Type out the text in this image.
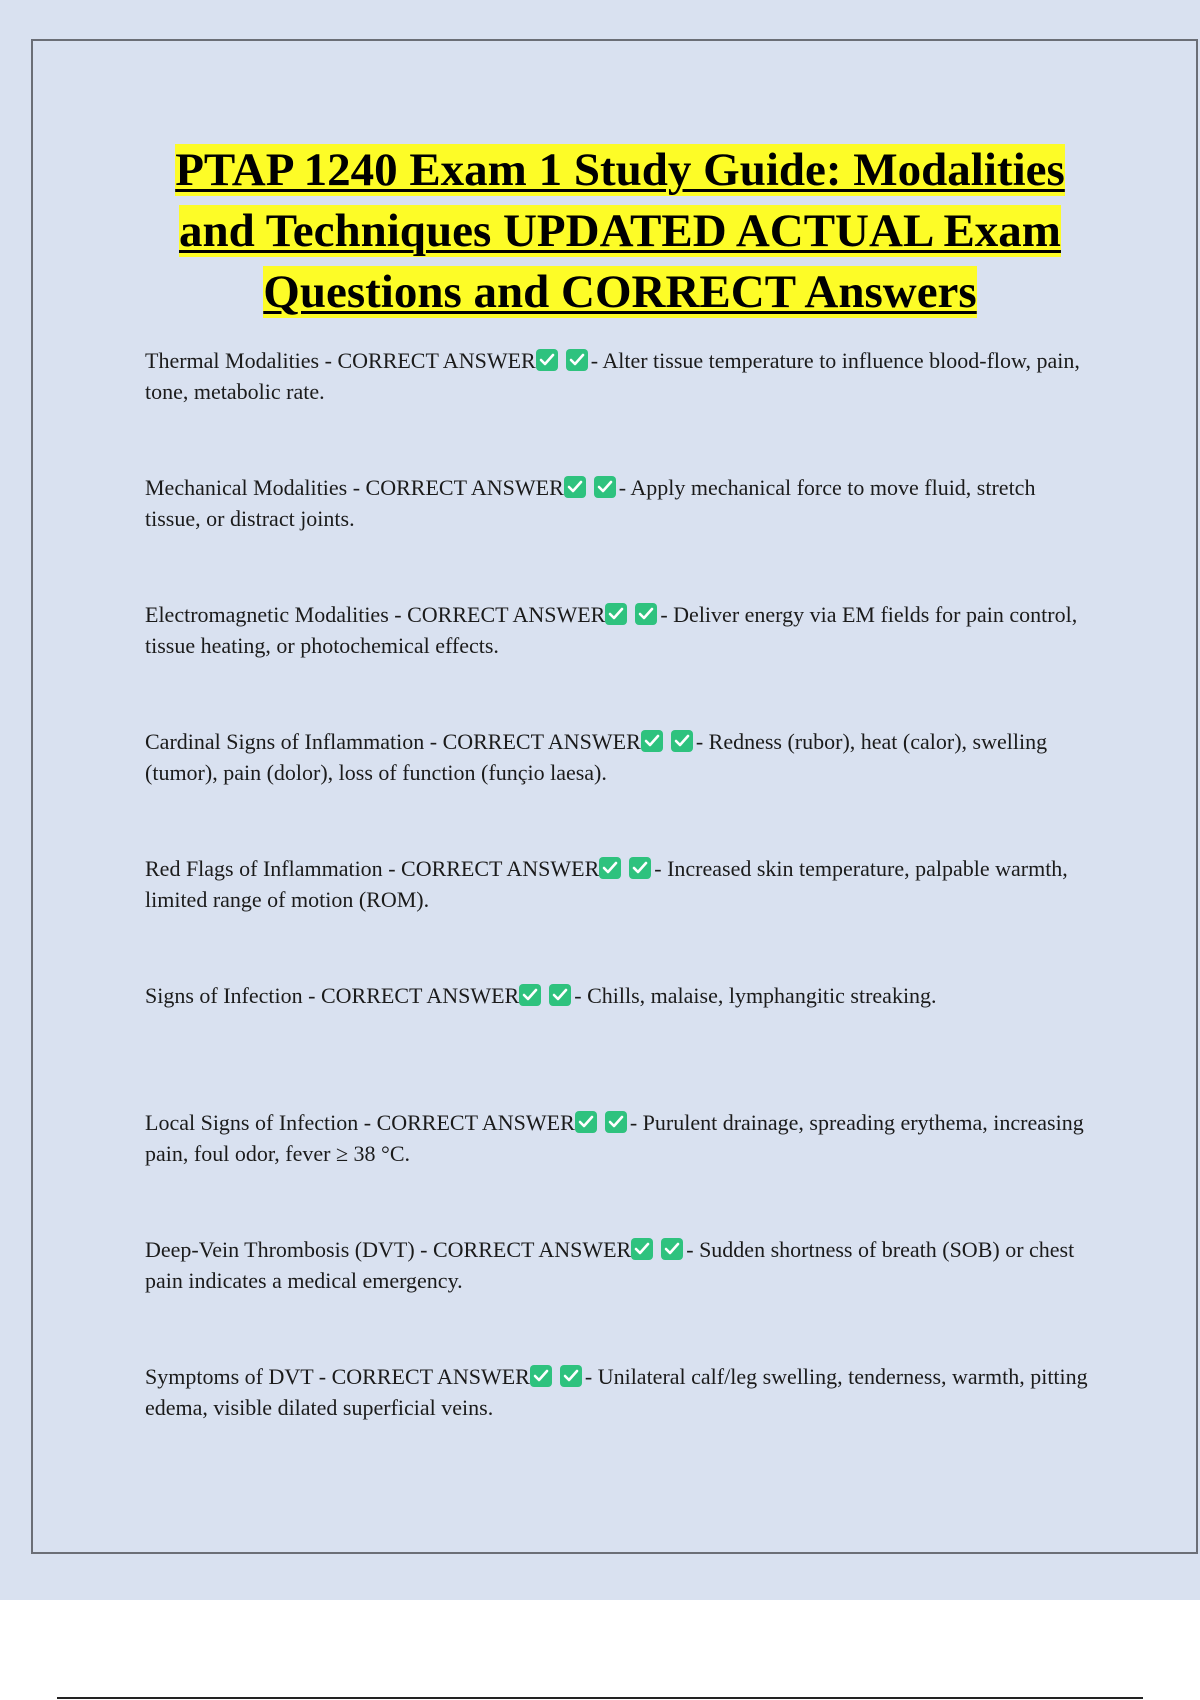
PTAP 1240 Exam 1 Study Guide: Modalities and Techniques UPDATED ACTUAL Exam Questions and CORRECT Answers
Thermal Modalities - CORRECT ANSWER	- Alter tissue temperature to influence blood-flow, pain, tone, metabolic rate.
Mechanical Modalities - CORRECT ANSWER	- Apply mechanical force to move fluid, stretch tissue, or distract joints.
Electromagnetic Modalities - CORRECT ANSWER	- Deliver energy via EM fields for pain control, tissue heating, or photochemical effects.
Cardinal Signs of Inflammation - CORRECT ANSWER	- Redness (rubor), heat (calor), swelling (tumor), pain (dolor), loss of function (funçio laesa).
Red Flags of Inflammation - CORRECT ANSWER	- Increased skin temperature, palpable warmth, limited range of motion (ROM).
Signs of Infection - CORRECT ANSWER	- Chills, malaise, lymphangitic streaking.
Local Signs of Infection - CORRECT ANSWER	- Purulent drainage, spreading erythema, increasing pain, foul odor, fever ≥ 38 °C.
Deep-Vein Thrombosis (DVT) - CORRECT ANSWER	- Sudden shortness of breath (SOB) or chest pain indicates a medical emergency.
Symptoms of DVT - CORRECT ANSWER	- Unilateral calf/leg swelling, tenderness, warmth, pitting edema, visible dilated superficial veins.
